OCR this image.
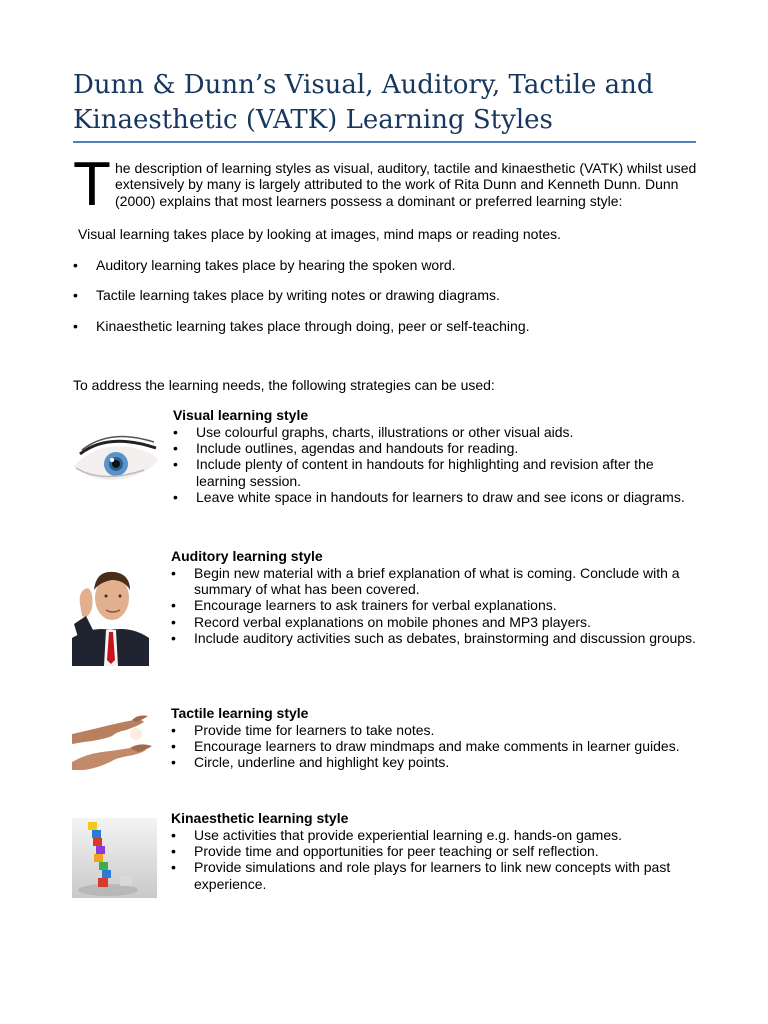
Dunn & Dunn’s Visual, Auditory, Tactile and Kinaesthetic (VATK) Learning Styles
T he description of learning styles as visual, auditory, tactile and kinaesthetic (VATK) whilst used extensively by many is largely attributed to the work of Rita Dunn and Kenneth Dunn. Dunn (2000) explains that most learners possess a dominant or preferred learning style:
Visual learning takes place by looking at images, mind maps or reading notes.
• Auditory learning takes place by hearing the spoken word.
• Tactile learning takes place by writing notes or drawing diagrams.
• Kinaesthetic learning takes place through doing, peer or self-teaching.
To address the learning needs, the following strategies can be used:
Visual learning style
• Use colourful graphs, charts, illustrations or other visual aids.
• Include outlines, agendas and handouts for reading.
• Include plenty of content in handouts for highlighting and revision after the learning session.
• Leave white space in handouts for learners to draw and see icons or diagrams.
Auditory learning style
• Begin new material with a brief explanation of what is coming. Conclude with a summary of what has been covered.
• Encourage learners to ask trainers for verbal explanations.
• Record verbal explanations on mobile phones and MP3 players.
• Include auditory activities such as debates, brainstorming and discussion groups.
Tactile learning style
• Provide time for learners to take notes.
• Encourage learners to draw mindmaps and make comments in learner guides.
• Circle, underline and highlight key points.
Kinaesthetic learning style
• Use activities that provide experiential learning e.g. hands-on games.
• Provide time and opportunities for peer teaching or self reflection.
• Provide simulations and role plays for learners to link new concepts with past experience.
